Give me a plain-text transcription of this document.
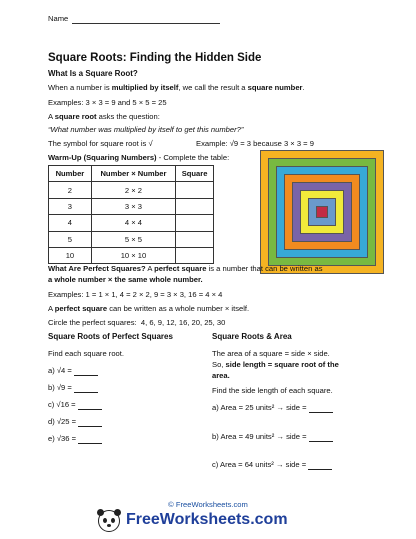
Name
Square Roots: Finding the Hidden Side
What Is a Square Root?
When a number is multiplied by itself, we call the result a square number.
Examples: 3 × 3 = 9 and 5 × 5 = 25
A square root asks the question:
“What number was multiplied by itself to get this number?”
The symbol for square root is √	Example: √9 = 3 because 3 × 3 = 9
Warm-Up (Squaring Numbers) - Complete the table:
Number	Number × Number	Square
2	2 × 2	
3	3 × 3	
4	4 × 4	
5	5 × 5	
10	10 × 10	
What Are Perfect Squares? A perfect square is a number that can be written as
a whole number × the same whole number.
Examples: 1 = 1 × 1, 4 = 2 × 2, 9 = 3 × 3, 16 = 4 × 4
A perfect square can be written as a whole number × itself.
Circle the perfect squares: 4, 6, 9, 12, 16, 20, 25, 30
Square Roots of Perfect Squares
Find each square root.
a) √4 =
b) √9 =
c) √16 =
d) √25 =
e) √36 =
Square Roots & Area
The area of a square = side × side.
So, side length = square root of the
area.
Find the side length of each square.
a) Area = 25 units² → side =
b) Area = 49 units² → side =
c) Area = 64 units² → side =
© FreeWorksheets.com
FreeWorksheets.com
